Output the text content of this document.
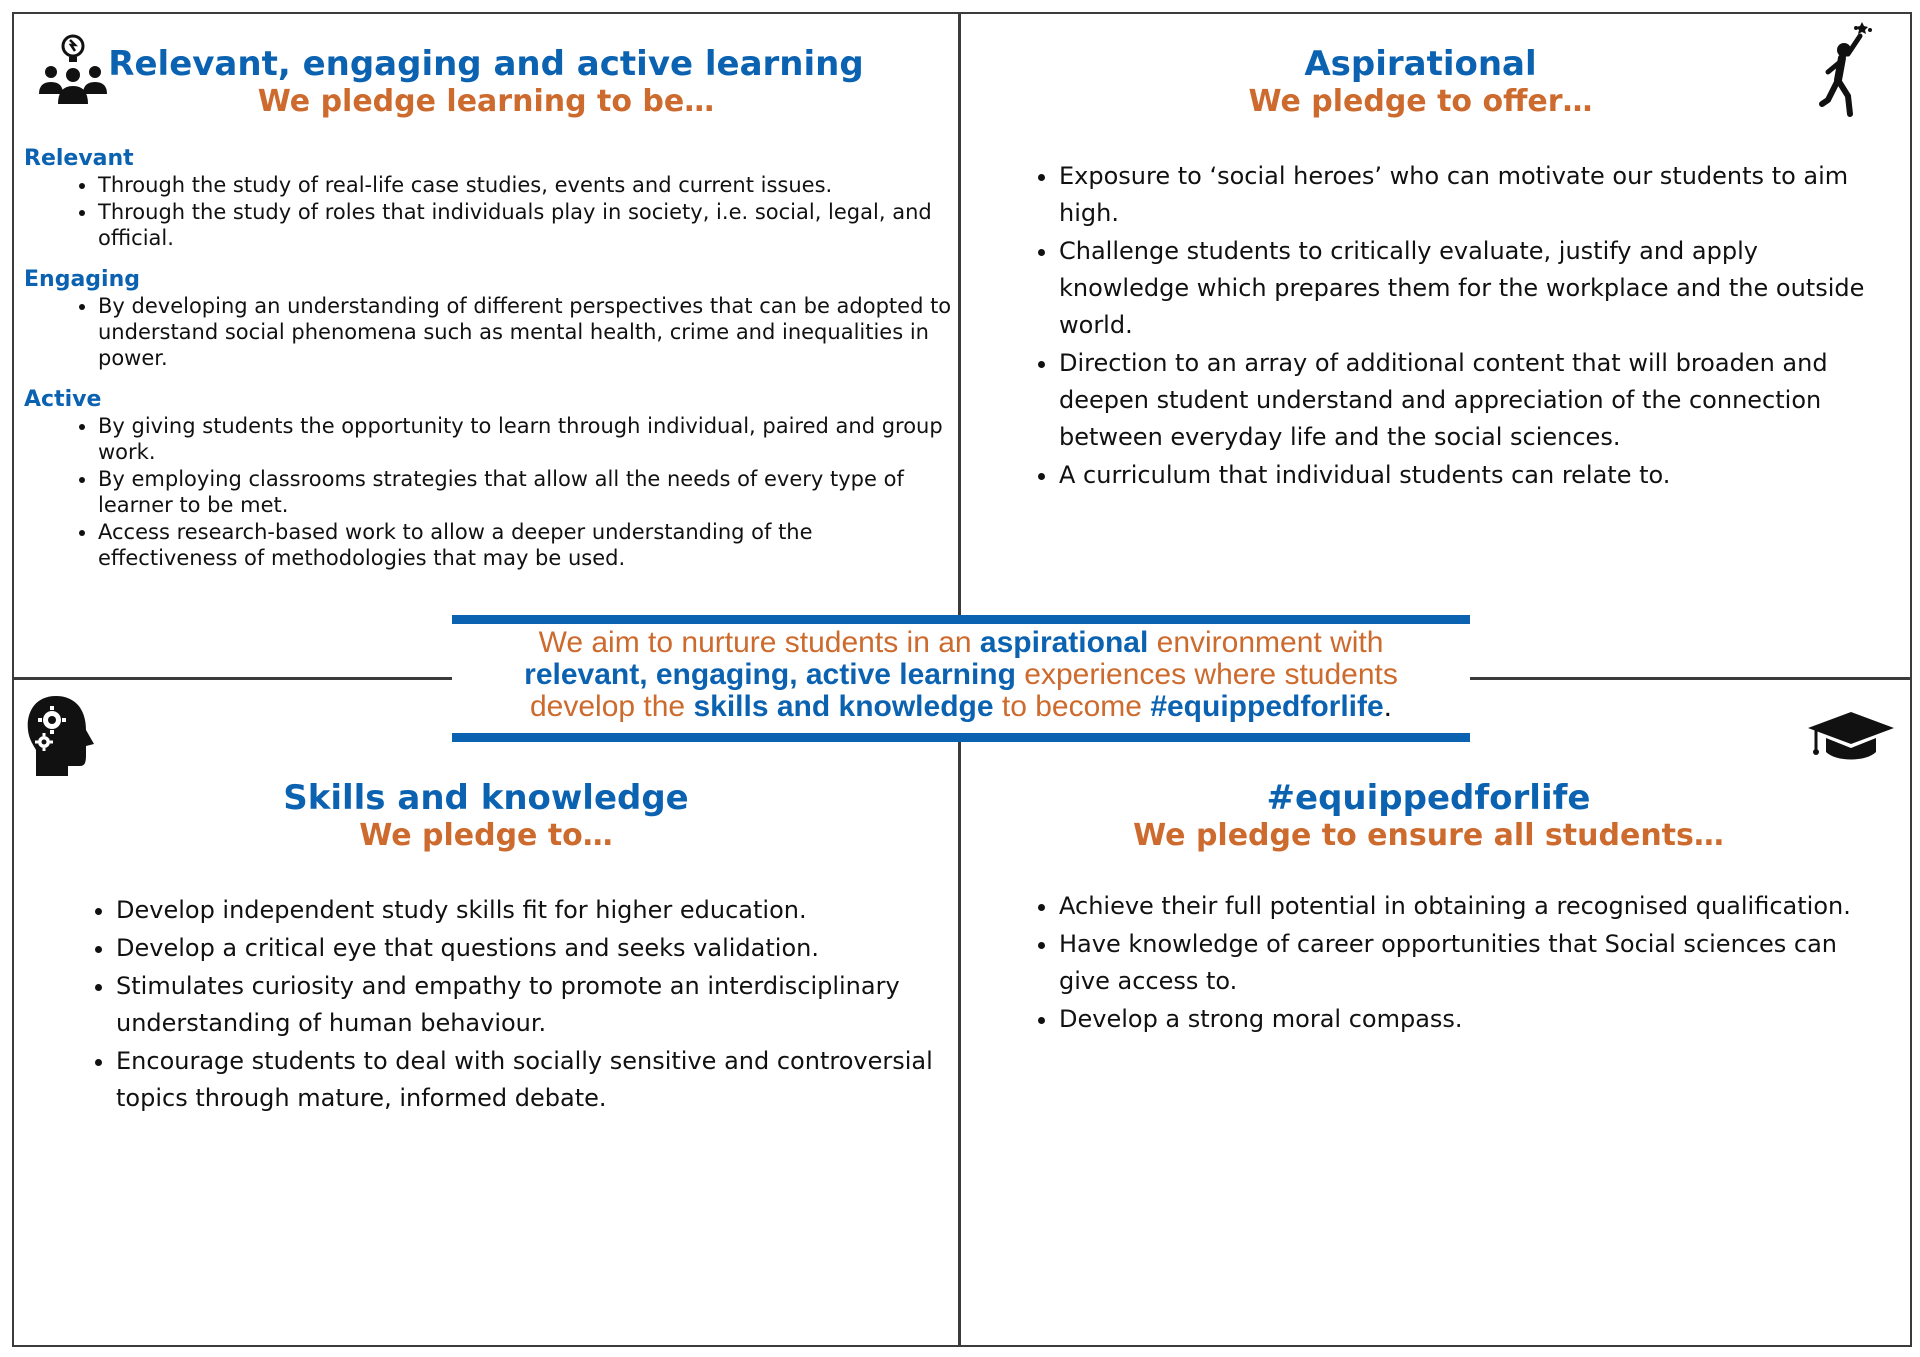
Relevant, engaging and active learning

We pledge learning to be…

Relevant

• Through the study of real-life case studies, events and current issues.
• Through the study of roles that individuals play in society, i.e. social, legal, and official.

Engaging

• By developing an understanding of different perspectives that can be adopted to understand social phenomena such as mental health, crime and inequalities in power.

Active

• By giving students the opportunity to learn through individual, paired and group work.
• By employing classrooms strategies that allow all the needs of every type of learner to be met.
• Access research-based work to allow a deeper understanding of the effectiveness of methodologies that may be used.

Aspirational

We pledge to offer…

• Exposure to ‘social heroes’ who can motivate our students to aim high.
• Challenge students to critically evaluate, justify and apply knowledge which prepares them for the workplace and the outside world.
• Direction to an array of additional content that will broaden and deepen student understand and appreciation of the connection between everyday life and the social sciences.
• A curriculum that individual students can relate to.

Skills and knowledge

We pledge to…

• Develop independent study skills fit for higher education.
• Develop a critical eye that questions and seeks validation.
• Stimulates curiosity and empathy to promote an interdisciplinary understanding of human behaviour.
• Encourage students to deal with socially sensitive and controversial topics through mature, informed debate.

#equippedforlife

We pledge to ensure all students…

• Achieve their full potential in obtaining a recognised qualification.
• Have knowledge of career opportunities that Social sciences can give access to.
• Develop a strong moral compass.
We aim to nurture students in an aspirational environment with
relevant, engaging, active learning experiences where students
develop the skills and knowledge to become #equippedforlife.
